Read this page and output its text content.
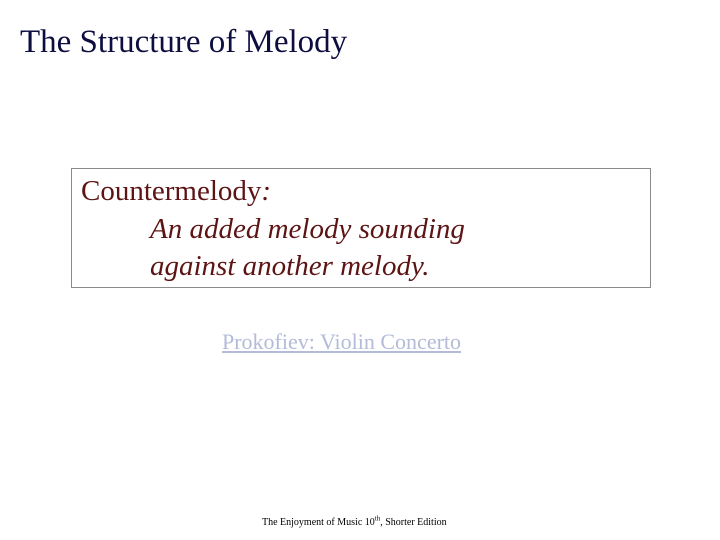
The Structure of Melody
Countermelody:
An added melody sounding
against another melody.
Prokofiev: Violin Concerto
The Enjoyment of Music 10th, Shorter Edition
